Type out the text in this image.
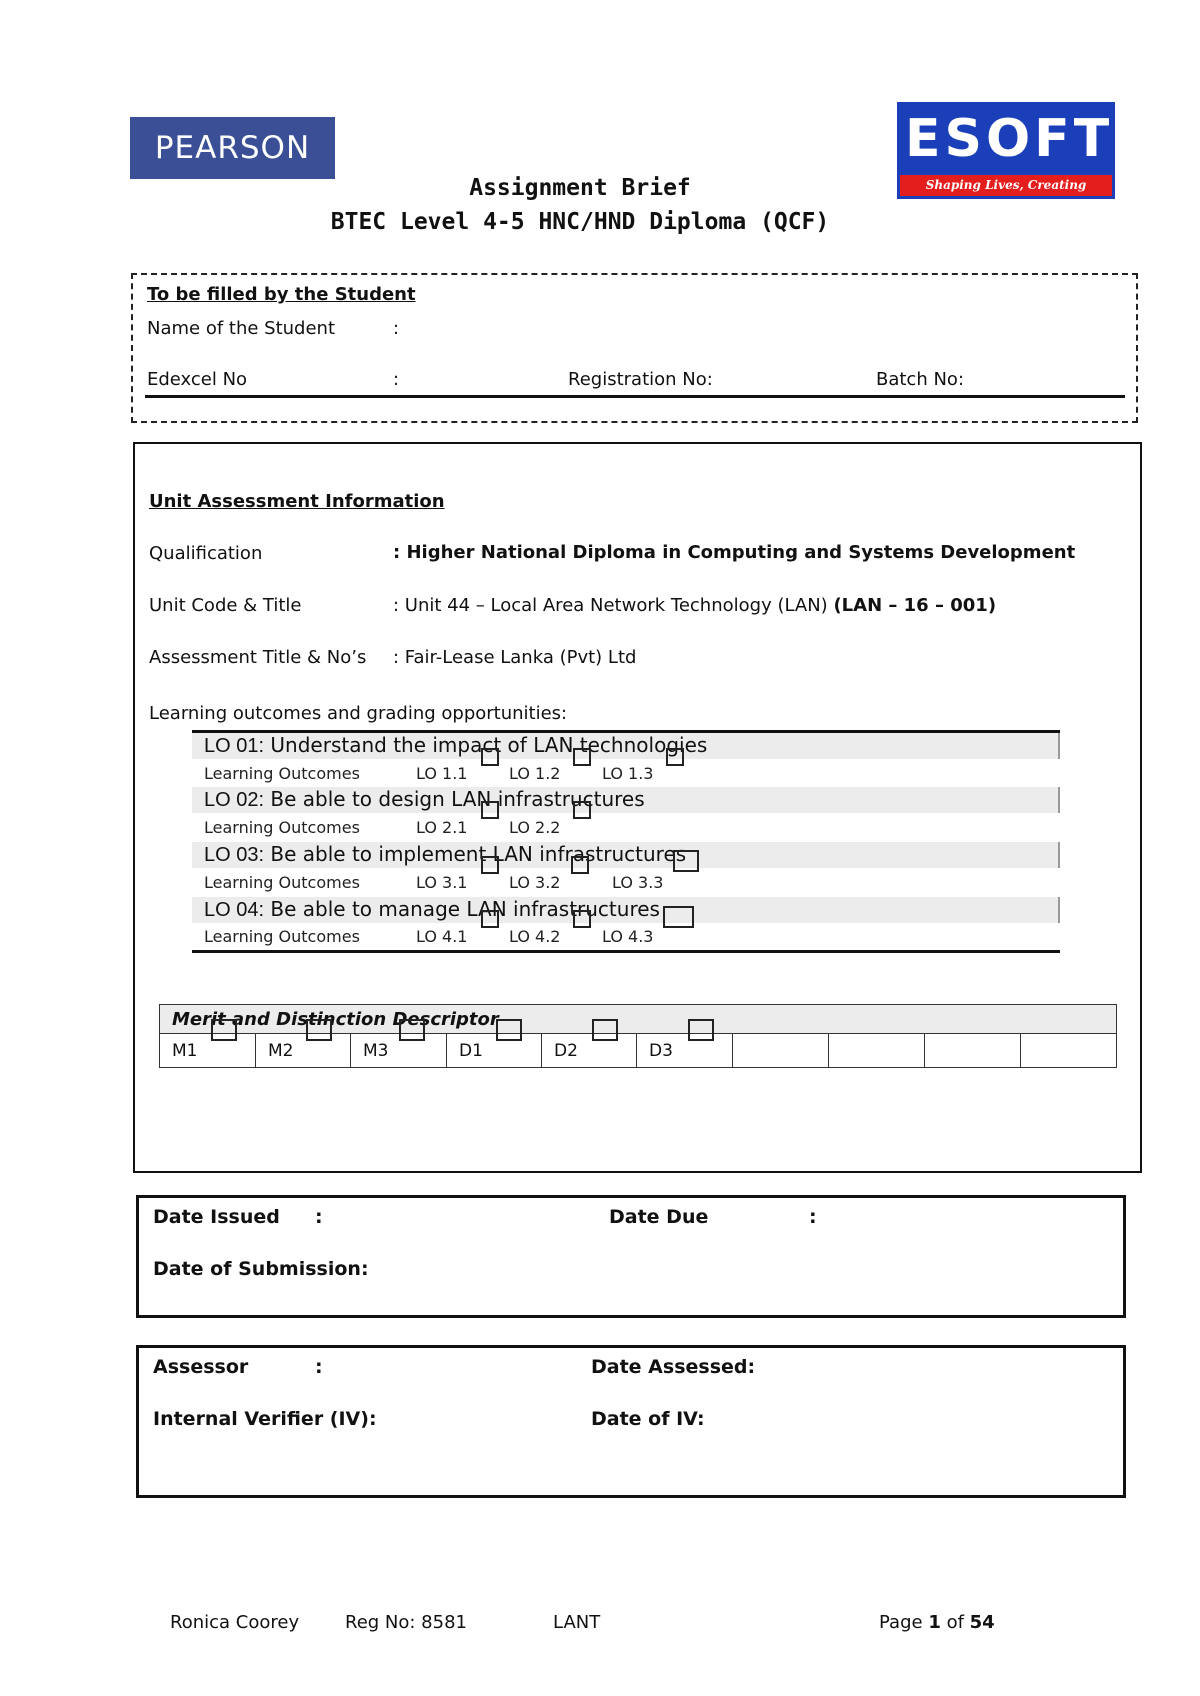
PEARSON	ESOFT
Shaping Lives, Creating Futures.
Assignment Brief
BTEC Level 4-5 HNC/HND Diploma (QCF)
To be filled by the Student
Name of the Student	:
Edexcel No	:	Registration No:	Batch No:
Unit Assessment Information
Qualification	: Higher National Diploma in Computing and Systems Development
Unit Code & Title	: Unit 44 – Local Area Network Technology (LAN) (LAN – 16 – 001)
Assessment Title & No’s : Fair-Lease Lanka (Pvt) Ltd
Learning outcomes and grading opportunities:
LO 01: Understand the impact of LAN technologies
Learning Outcomes	LO 1.1	LO 1.2	LO 1.3
LO 02: Be able to design LAN infrastructures
Learning Outcomes	LO 2.1	LO 2.2
LO 03: Be able to implement LAN infrastructures
Learning Outcomes	LO 3.1	LO 3.2	LO 3.3
LO 04: Be able to manage LAN infrastructures
Learning Outcomes	LO 4.1	LO 4.2	LO 4.3
Merit and Distinction Descriptor
M1	M2	M3	D1	D2	D3
Date Issued :	Date Due	:
Date of Submission:
Assessor	:	Date Assessed:
Internal Verifier (IV):	Date of IV:
Ronica Coorey	Reg No: 8581	LANT	Page 1 of 54
